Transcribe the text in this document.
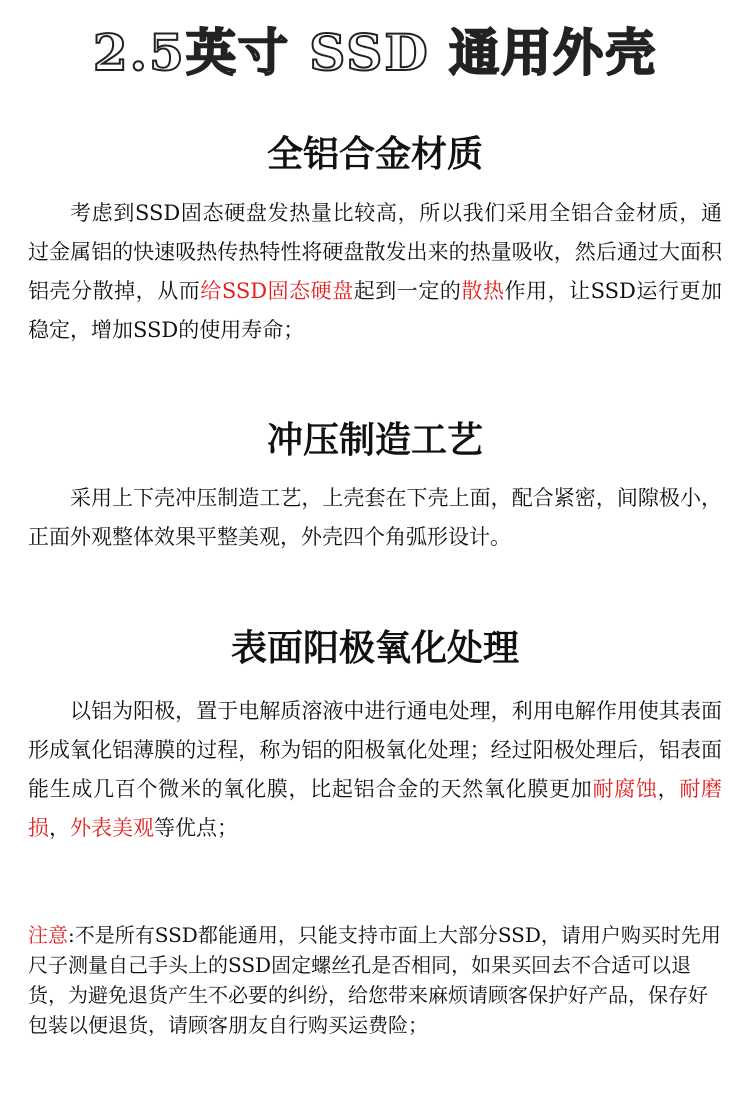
2.5英寸 SSD 通用外壳
全铝合金材质

考虑到SSD固态硬盘发热量比较高，所以我们采用全铝合金材质，通过金属铝的快速吸热传热特性将硬盘散发出来的热量吸收，然后通过大面积铝壳分散掉，从而给SSD固态硬盘起到一定的散热作用，让SSD运行更加稳定，增加SSD的使用寿命；

冲压制造工艺

采用上下壳冲压制造工艺，上壳套在下壳上面，配合紧密，间隙极小，正面外观整体效果平整美观，外壳四个角弧形设计。

表面阳极氧化处理

以铝为阳极，置于电解质溶液中进行通电处理，利用电解作用使其表面形成氧化铝薄膜的过程，称为铝的阳极氧化处理；经过阳极处理后，铝表面能生成几百个微米的氧化膜，比起铝合金的天然氧化膜更加耐腐蚀，耐磨损，外表美观等优点；

注意:不是所有SSD都能通用，只能支持市面上大部分SSD，请用户购买时先用尺子测量自己手头上的SSD固定螺丝孔是否相同，如果买回去不合适可以退货，为避免退货产生不必要的纠纷，给您带来麻烦请顾客保护好产品，保存好包装以便退货，请顾客朋友自行购买运费险；
